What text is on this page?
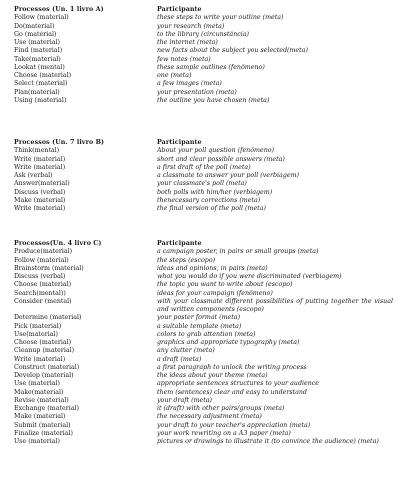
Processos (Un. 1 livro A)	Participante
Follow (material)	these steps to write your outline (meta)
Do(material)	your research (meta)
Go (material)	to the library (circunstância)
Use (material)	the internet (meta)
Find (material)	new facts about the subject you selected(meta)
Take(material)	few notes (meta)
Lookat (mental)	these sample outlines (fenômeno)
Choose (material)	one (meta)
Select (material)	a few images (meta)
Plan(material)	your presentation (meta)
Using (material)	the outline you have chosen (meta)
Processos (Un. 7 livro B)	Participante
Think(mental)	About your poll question (fenômeno)
Write (material)	short and clear possible answers (meta)
Write (material)	a first draft of the poll (meta)
Ask (verbal)	a classmate to answer your poll (verbiagem)
Answer(material)	your classmate's poll (meta)
Discuss (verbal)	both polls with him/her (verbiagem)
Make (material)	thenecessary corrections (meta)
Write (material)	the final version of the poll (meta)
Processos(Un. 4 livro C)	Participante
Produce(material)	a campaign poster, in pairs or small groups (meta)
Follow (material)	the steps (escopo)
Brainstorm (material)	ideas and opinions, in pairs (meta)
Discuss (verbal)	what you would do if you were discriminated (verbiagem)
Choose (material)	the topic you want to write about (escopo)
Search(mental))	ideas for your campaign (fenômeno)
Consider (mental)	with your classmate different possibilities of putting together the visual and written components (escopo)
Determine (material)	your poster format (meta)
Pick (material)	a suitable template (meta)
Use(material)	colors to grab attention (meta)
Choose (material)	graphics and appropriate typography (meta)
Cleanup (material)	any clutter (meta)
Write (material)	a draft (meta)
Construct (material)	a first paragraph to unlock the writing process
Develop (material)	the ideas about your theme (meta)
Use (material)	appropriate sentences structures to your audience
Make(material)	them (sentences) clear and easy to understand
Revise (material)	your draft (meta)
Exchange (material)	it (draft) with other pairs/groups (meta)
Make (material)	the necessary adjustment (meta)
Submit (material)	your draft to your teacher's appreciation (meta)
Finalize (material)	your work rewriting on a A3 paper (meta)
Use (material)	pictures or drawings to illustrate it (to convince the audience) (meta)
